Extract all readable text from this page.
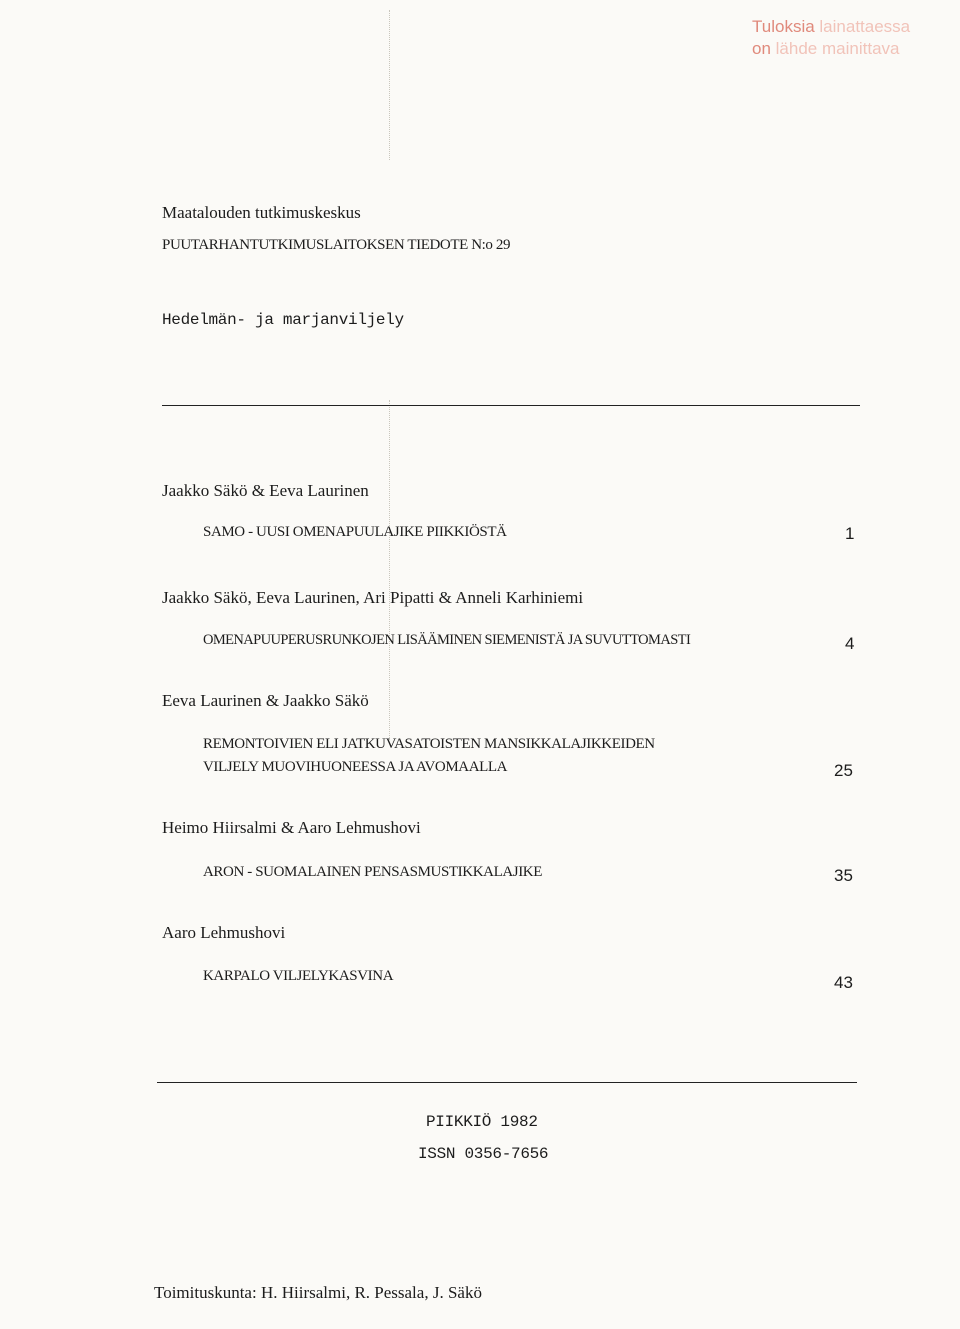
Tuloksia lainattaessa
on lähde mainittava
Maatalouden tutkimuskeskus
PUUTARHANTUTKIMUSLAITOKSEN TIEDOTE N:o 29
Hedelmän- ja marjanviljely
Jaakko Säkö & Eeva Laurinen
SAMO - UUSI OMENAPUULAJIKE PIIKKIÖSTÄ	1
Jaakko Säkö, Eeva Laurinen, Ari Pipatti & Anneli Karhiniemi
OMENAPUUPERUSRUNKOJEN LISÄÄMINEN SIEMENISTÄ JA SUVUTTOMASTI	4
Eeva Laurinen & Jaakko Säkö
REMONTOIVIEN ELI JATKUVASATOISTEN MANSIKKALAJIKKEIDEN
VILJELY MUOVIHUONEESSA JA AVOMAALLA	25
Heimo Hiirsalmi & Aaro Lehmushovi
ARON - SUOMALAINEN PENSASMUSTIKKALAJIKE	35
Aaro Lehmushovi
KARPALO VILJELYKASVINA	43
PIIKKIÖ 1982
ISSN 0356-7656
Toimituskunta: H. Hiirsalmi, R. Pessala, J. Säkö
